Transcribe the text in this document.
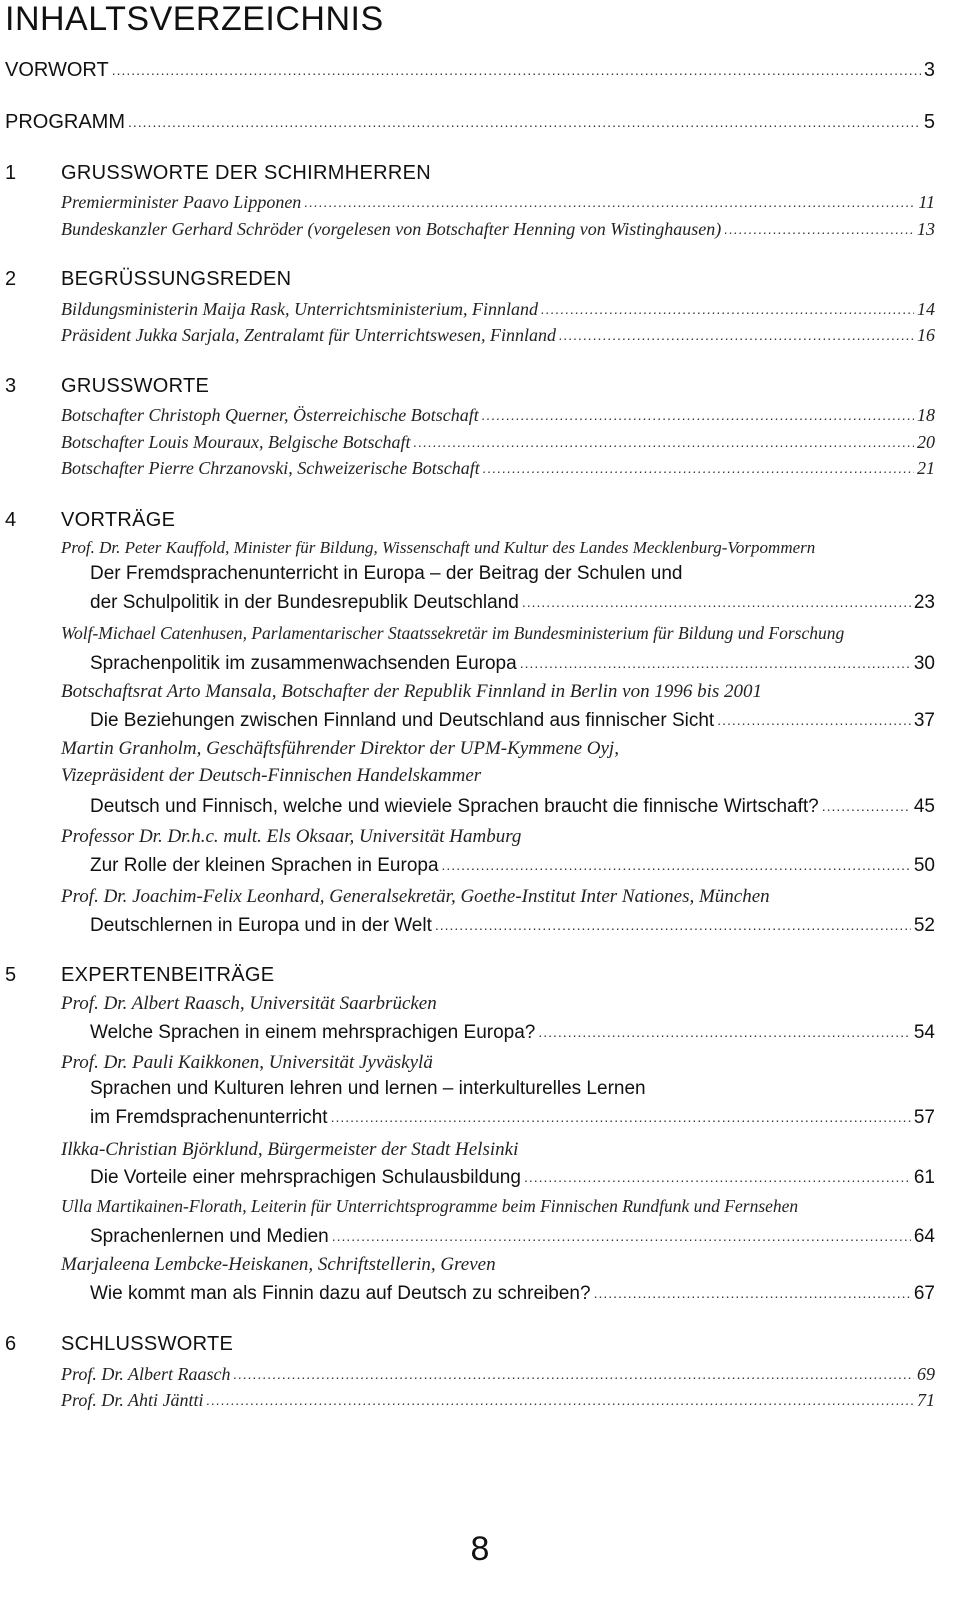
INHALTSVERZEICHNIS
VORWORT .....	3
PROGRAMM .....	5
1 GRUSSWORTE DER SCHIRMHERREN
Premierminister Paavo Lipponen .....	11
Bundeskanzler Gerhard Schröder (vorgelesen von Botschafter Henning von Wistinghausen) .....	13
2 BEGRÜSSUNGSREDEN
Bildungsministerin Maija Rask, Unterrichtsministerium, Finnland .....	14
Präsident Jukka Sarjala, Zentralamt für Unterrichtswesen, Finnland .....	16
3 GRUSSWORTE
Botschafter Christoph Querner, Österreichische Botschaft .....	18
Botschafter Louis Mouraux, Belgische Botschaft .....	20
Botschafter Pierre Chrzanovski, Schweizerische Botschaft .....	21
4 VORTRÄGE
Prof. Dr. Peter Kauffold, Minister für Bildung, Wissenschaft und Kultur des Landes Mecklenburg-Vorpommern
Der Fremdsprachenunterricht in Europa – der Beitrag der Schulen und
der Schulpolitik in der Bundesrepublik Deutschland .....	23
Wolf-Michael Catenhusen, Parlamentarischer Staatssekretär im Bundesministerium für Bildung und Forschung
Sprachenpolitik im zusammenwachsenden Europa .....	30
Botschaftsrat Arto Mansala, Botschafter der Republik Finnland in Berlin von 1996 bis 2001
Die Beziehungen zwischen Finnland und Deutschland aus finnischer Sicht .....	37
Martin Granholm, Geschäftsführender Direktor der UPM-Kymmene Oyj,
Vizepräsident der Deutsch-Finnischen Handelskammer
Deutsch und Finnisch, welche und wieviele Sprachen braucht die finnische Wirtschaft? .....	45
Professor Dr. Dr.h.c. mult. Els Oksaar, Universität Hamburg
Zur Rolle der kleinen Sprachen in Europa .....	50
Prof. Dr. Joachim-Felix Leonhard, Generalsekretär, Goethe-Institut Inter Nationes, München
Deutschlernen in Europa und in der Welt .....	52
5 EXPERTENBEITRÄGE
Prof. Dr. Albert Raasch, Universität Saarbrücken
Welche Sprachen in einem mehrsprachigen Europa? .....	54
Prof. Dr. Pauli Kaikkonen, Universität Jyväskylä
Sprachen und Kulturen lehren und lernen – interkulturelles Lernen
im Fremdsprachenunterricht .....	57
Ilkka-Christian Björklund, Bürgermeister der Stadt Helsinki
Die Vorteile einer mehrsprachigen Schulausbildung .....	61
Ulla Martikainen-Florath, Leiterin für Unterrichtsprogramme beim Finnischen Rundfunk und Fernsehen
Sprachenlernen und Medien .....	64
Marjaleena Lembcke-Heiskanen, Schriftstellerin, Greven
Wie kommt man als Finnin dazu auf Deutsch zu schreiben? .....	67
6 SCHLUSSWORTE
Prof. Dr. Albert Raasch .....	69
Prof. Dr. Ahti Jäntti .....	71
8
